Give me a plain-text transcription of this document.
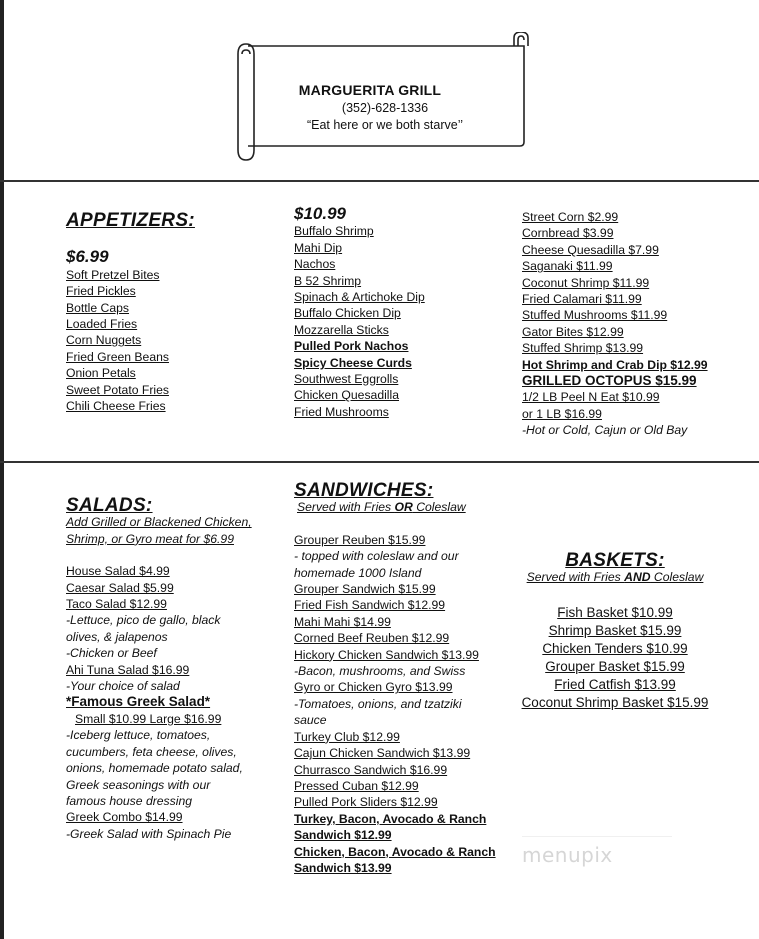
MARGUERITA GRILL
(352)-628-1336
“Eat here or we both starve’’
APPETIZERS:
$6.99
Soft Pretzel Bites
Fried Pickles
Bottle Caps
Loaded Fries
Corn Nuggets
Fried Green Beans
Onion Petals
Sweet Potato Fries
Chili Cheese Fries
$10.99
Buffalo Shrimp
Mahi Dip
Nachos
B 52 Shrimp
Spinach & Artichoke Dip
Buffalo Chicken Dip
Mozzarella Sticks
Pulled Pork Nachos
Spicy Cheese Curds
Southwest Eggrolls
Chicken Quesadilla
Fried Mushrooms
Street Corn $2.99
Cornbread $3.99
Cheese Quesadilla $7.99
Saganaki $11.99
Coconut Shrimp $11.99
Fried Calamari $11.99
Stuffed Mushrooms $11.99
Gator Bites $12.99
Stuffed Shrimp $13.99
Hot Shrimp and Crab Dip $12.99
GRILLED OCTOPUS $15.99
1/2 LB Peel N Eat $10.99
or 1 LB $16.99
-Hot or Cold, Cajun or Old Bay
SALADS:
Add Grilled or Blackened Chicken,
Shrimp, or Gyro meat for $6.99
House Salad $4.99
Caesar Salad $5.99
Taco Salad $12.99
-Lettuce, pico de gallo, black
olives, & jalapenos
-Chicken or Beef
Ahi Tuna Salad $16.99
-Your choice of salad
*Famous Greek Salad*
Small $10.99 Large $16.99
-Iceberg lettuce, tomatoes,
cucumbers, feta cheese, olives,
onions, homemade potato salad,
Greek seasonings with our
famous house dressing
Greek Combo $14.99
-Greek Salad with Spinach Pie
SANDWICHES:
Served with Fries OR Coleslaw
Grouper Reuben $15.99
- topped with coleslaw and our
homemade 1000 Island
Grouper Sandwich $15.99
Fried Fish Sandwich $12.99
Mahi Mahi $14.99
Corned Beef Reuben $12.99
Hickory Chicken Sandwich $13.99
-Bacon, mushrooms, and Swiss
Gyro or Chicken Gyro $13.99
-Tomatoes, onions, and tzatziki
sauce
Turkey Club $12.99
Cajun Chicken Sandwich $13.99
Churrasco Sandwich $16.99
Pressed Cuban $12.99
Pulled Pork Sliders $12.99
Turkey, Bacon, Avocado & Ranch
Sandwich $12.99
Chicken, Bacon, Avocado & Ranch
Sandwich $13.99
BASKETS:
Served with Fries AND Coleslaw
Fish Basket $10.99
Shrimp Basket $15.99
Chicken Tenders $10.99
Grouper Basket $15.99
Fried Catfish $13.99
Coconut Shrimp Basket $15.99
menupix
